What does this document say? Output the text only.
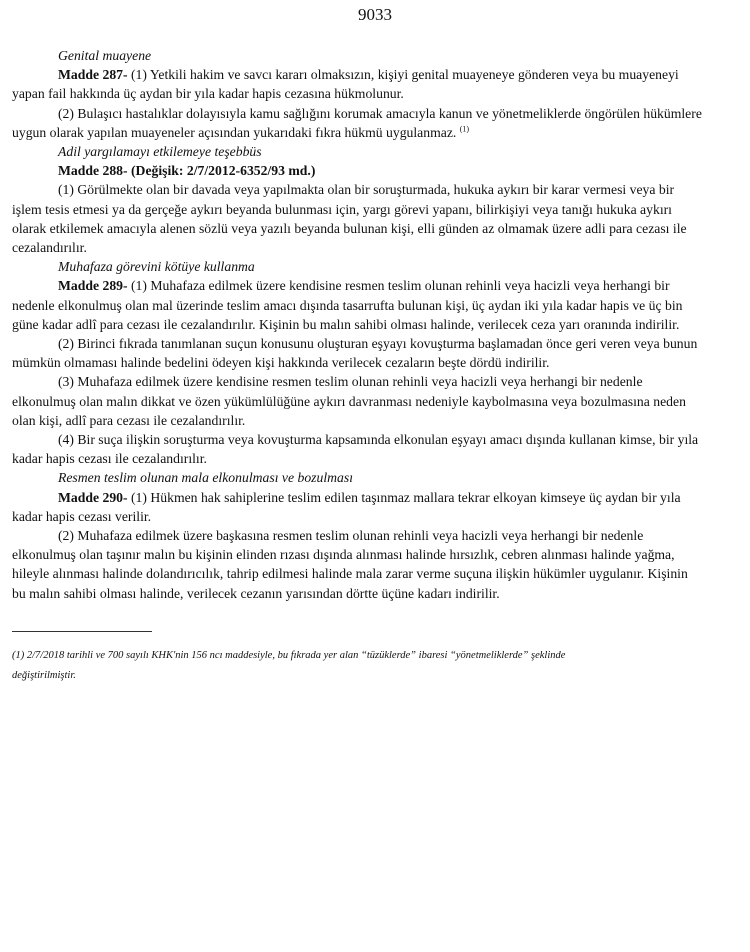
9033

Genital muayene

Madde 287- (1) Yetkili hakim ve savcı kararı olmaksızın, kişiyi genital muayeneye gönderen veya bu muayeneyi

yapan fail hakkında üç aydan bir yıla kadar hapis cezasına hükmolunur.

(2) Bulaşıcı hastalıklar dolayısıyla kamu sağlığını korumak amacıyla kanun ve yönetmeliklerde öngörülen hükümlere

uygun olarak yapılan muayeneler açısından yukarıdaki fıkra hükmü uygulanmaz. $^{(1)}$

Adil yargılamayı etkilemeye teşebbüs

Madde 288- (Değişik: 2/7/2012-6352/93 md.)

(1) Görülmekte olan bir davada veya yapılmakta olan bir soruşturmada, hukuka aykırı bir karar vermesi veya bir

işlem tesis etmesi ya da gerçeğe aykırı beyanda bulunması için, yargı görevi yapanı, bilirkişiyi veya tanığı hukuka aykırı

olarak etkilemek amacıyla alenen sözlü veya yazılı beyanda bulunan kişi, elli günden az olmamak üzere adli para cezası ile

cezalandırılır.

Muhafaza görevini kötüye kullanma

Madde 289- (1) Muhafaza edilmek üzere kendisine resmen teslim olunan rehinli veya hacizli veya herhangi bir

nedenle elkonulmuş olan mal üzerinde teslim amacı dışında tasarrufta bulunan kişi, üç aydan iki yıla kadar hapis ve üç bin

güne kadar adlî para cezası ile cezalandırılır. Kişinin bu malın sahibi olması halinde, verilecek ceza yarı oranında indirilir.

(2) Birinci fıkrada tanımlanan suçun konusunu oluşturan eşyayı kovuşturma başlamadan önce geri veren veya bunun

mümkün olmaması halinde bedelini ödeyen kişi hakkında verilecek cezaların beşte dördü indirilir.

(3) Muhafaza edilmek üzere kendisine resmen teslim olunan rehinli veya hacizli veya herhangi bir nedenle

elkonulmuş olan malın dikkat ve özen yükümlülüğüne aykırı davranması nedeniyle kaybolmasına veya bozulmasına neden

olan kişi, adlî para cezası ile cezalandırılır.

(4) Bir suça ilişkin soruşturma veya kovuşturma kapsamında elkonulan eşyayı amacı dışında kullanan kimse, bir yıla

kadar hapis cezası ile cezalandırılır.

Resmen teslim olunan mala elkonulması ve bozulması

Madde 290- (1) Hükmen hak sahiplerine teslim edilen taşınmaz mallara tekrar elkoyan kimseye üç aydan bir yıla

kadar hapis cezası verilir.

(2) Muhafaza edilmek üzere başkasına resmen teslim olunan rehinli veya hacizli veya herhangi bir nedenle

elkonulmuş olan taşınır malın bu kişinin elinden rızası dışında alınması halinde hırsızlık, cebren alınması halinde yağma,

hileyle alınması halinde dolandırıcılık, tahrip edilmesi halinde mala zarar verme suçuna ilişkin hükümler uygulanır. Kişinin

bu malın sahibi olması halinde, verilecek cezanın yarısından dörtte üçüne kadarı indirilir.

(1) 2/7/2018 tarihli ve 700 sayılı KHK'nin 156 ncı maddesiyle, bu fıkrada yer alan “tüzüklerde” ibaresi “yönetmeliklerde” şeklinde

değiştirilmiştir.
